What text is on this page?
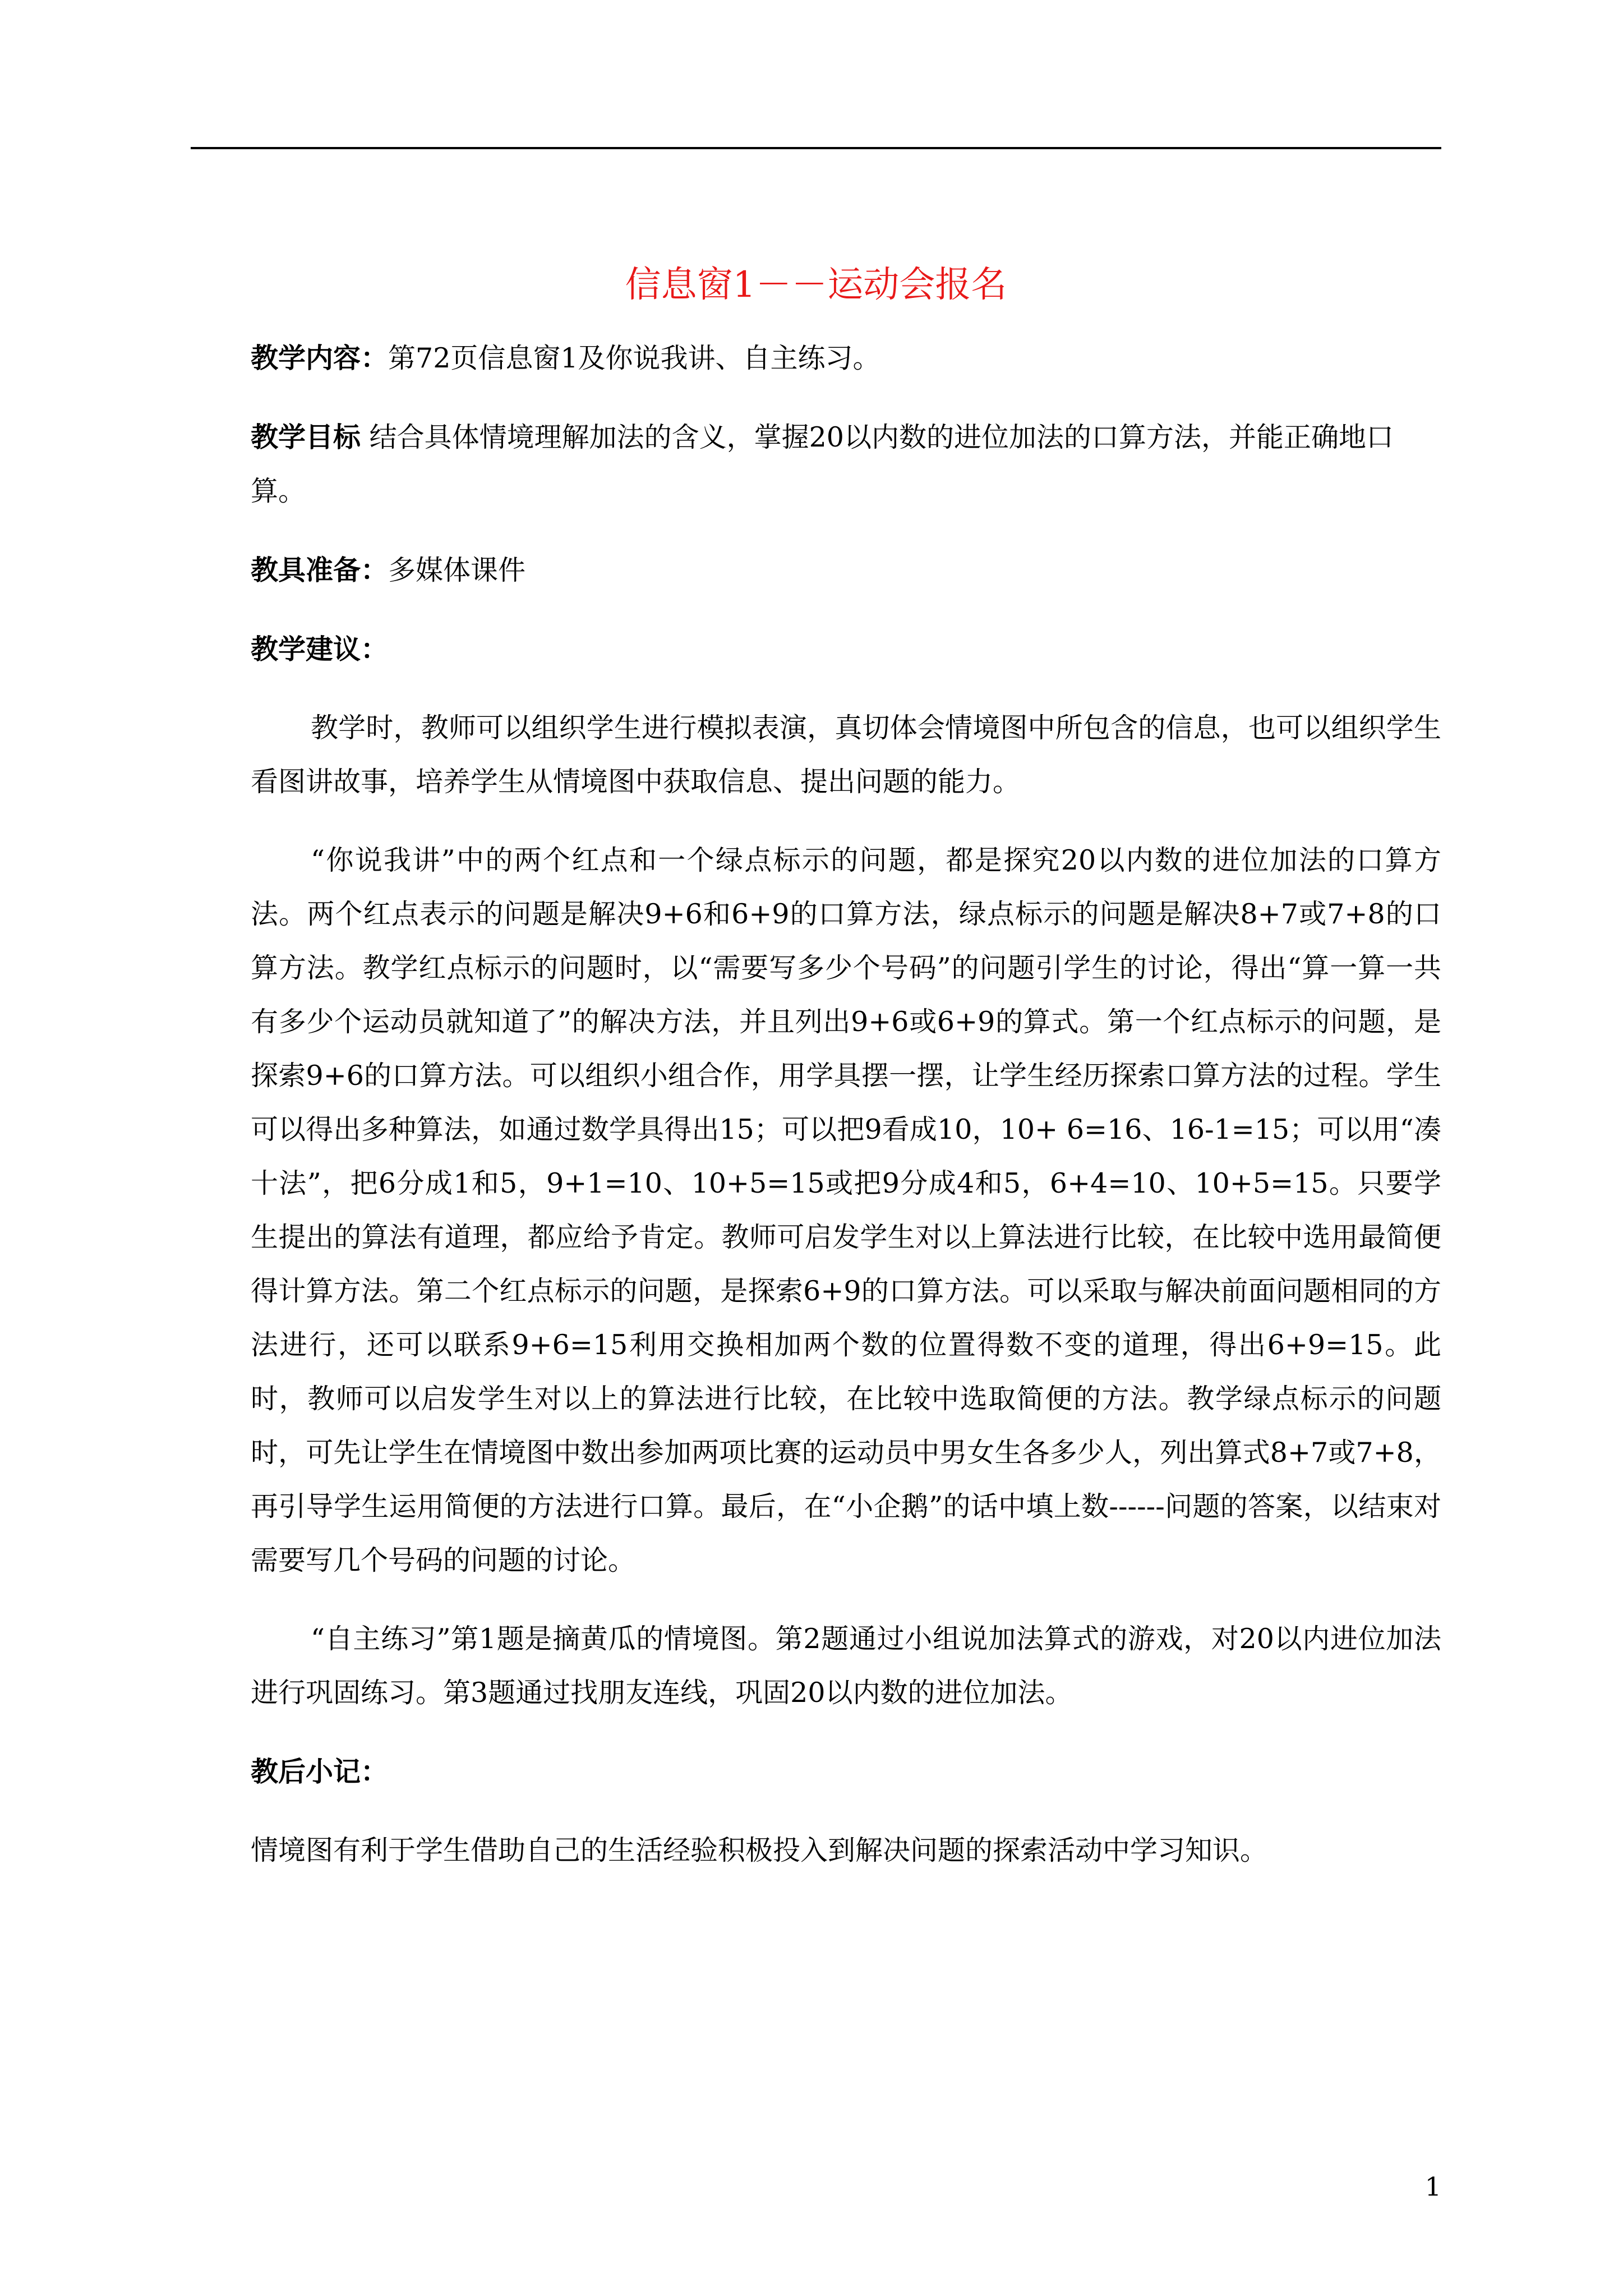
信息窗1－－运动会报名

教学内容：第72页信息窗1及你说我讲、自主练习。

教学目标 结合具体情境理解加法的含义，掌握20以内数的进位加法的口算方法，并能正确地口算。

教具准备：多媒体课件

教学建议：

教学时，教师可以组织学生进行模拟表演，真切体会情境图中所包含的信息，也可以组织学生看图讲故事，培养学生从情境图中获取信息、提出问题的能力。

“你说我讲”中的两个红点和一个绿点标示的问题，都是探究20以内数的进位加法的口算方法。两个红点表示的问题是解决9+6和6+9的口算方法，绿点标示的问题是解决8+7或7+8的口算方法。教学红点标示的问题时，以“需要写多少个号码”的问题引学生的讨论，得出“算一算一共有多少个运动员就知道了”的解决方法，并且列出9+6或6+9的算式。第一个红点标示的问题，是探索9+6的口算方法。可以组织小组合作，用学具摆一摆，让学生经历探索口算方法的过程。学生可以得出多种算法，如通过数学具得出15；可以把9看成10，10+ 6=16、16-1=15；可以用“凑十法”，把6分成1和5，9+1=10、10+5=15或把9分成4和5，6+4=10、10+5=15。只要学生提出的算法有道理，都应给予肯定。教师可启发学生对以上算法进行比较，在比较中选用最简便得计算方法。第二个红点标示的问题，是探索6+9的口算方法。可以采取与解决前面问题相同的方法进行，还可以联系9+6=15利用交换相加两个数的位置得数不变的道理，得出6+9=15。此时，教师可以启发学生对以上的算法进行比较，在比较中选取简便的方法。教学绿点标示的问题时，可先让学生在情境图中数出参加两项比赛的运动员中男女生各多少人，列出算式8+7或7+8，再引导学生运用简便的方法进行口算。最后，在“小企鹅”的话中填上数------问题的答案，以结束对需要写几个号码的问题的讨论。

“自主练习”第1题是摘黄瓜的情境图。第2题通过小组说加法算式的游戏，对20以内进位加法进行巩固练习。第3题通过找朋友连线，巩固20以内数的进位加法。

教后小记：

情境图有利于学生借助自己的生活经验积极投入到解决问题的探索活动中学习知识。

1
